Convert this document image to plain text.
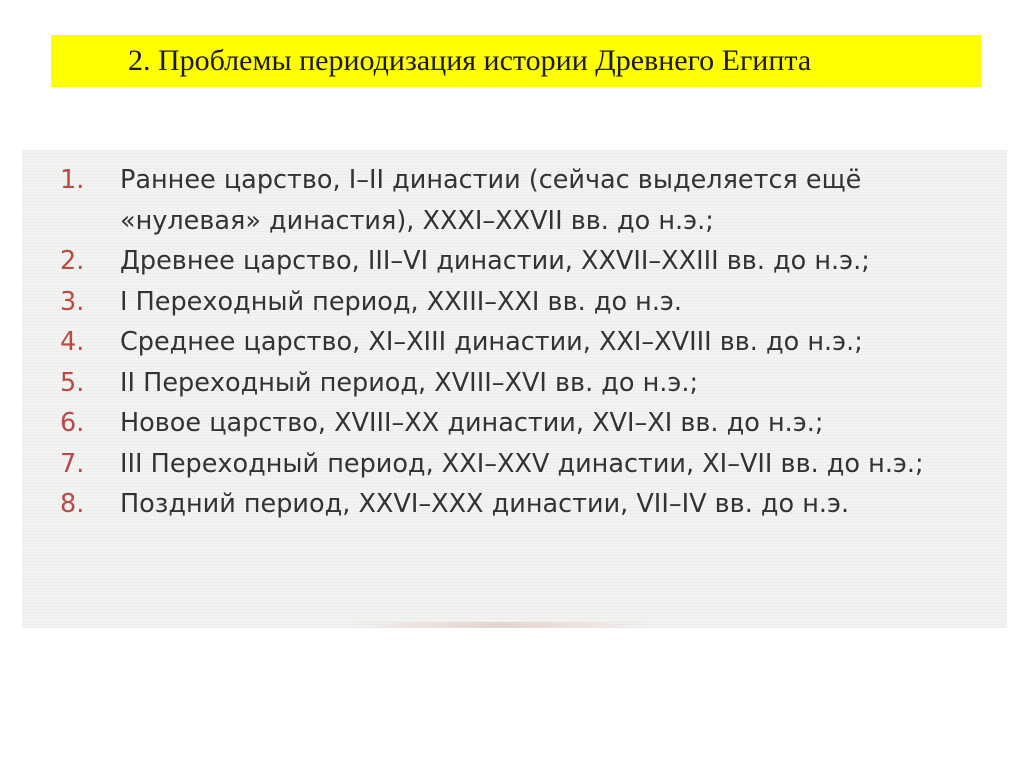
2. Проблемы периодизация истории Древнего Египта
1. Раннее царство, I–II династии (сейчас выделяется ещё «нулевая» династия), XXXI–XXVII вв. до н.э.;
2. Древнее царство, III–VI династии, XXVII–XXIII вв. до н.э.;
3. I Переходный период, XXIII–XXI вв. до н.э.
4. Среднее царство, XI–XIII династии, XXI–XVIII вв. до н.э.;
5. II Переходный период, XVIII–XVI вв. до н.э.;
6. Новое царство, XVIII–XX династии, XVI–XI вв. до н.э.;
7. III Переходный период, XXI–XXV династии, XI–VII вв. до н.э.;
8. Поздний период, XXVI–XXX династии, VII–IV вв. до н.э.
